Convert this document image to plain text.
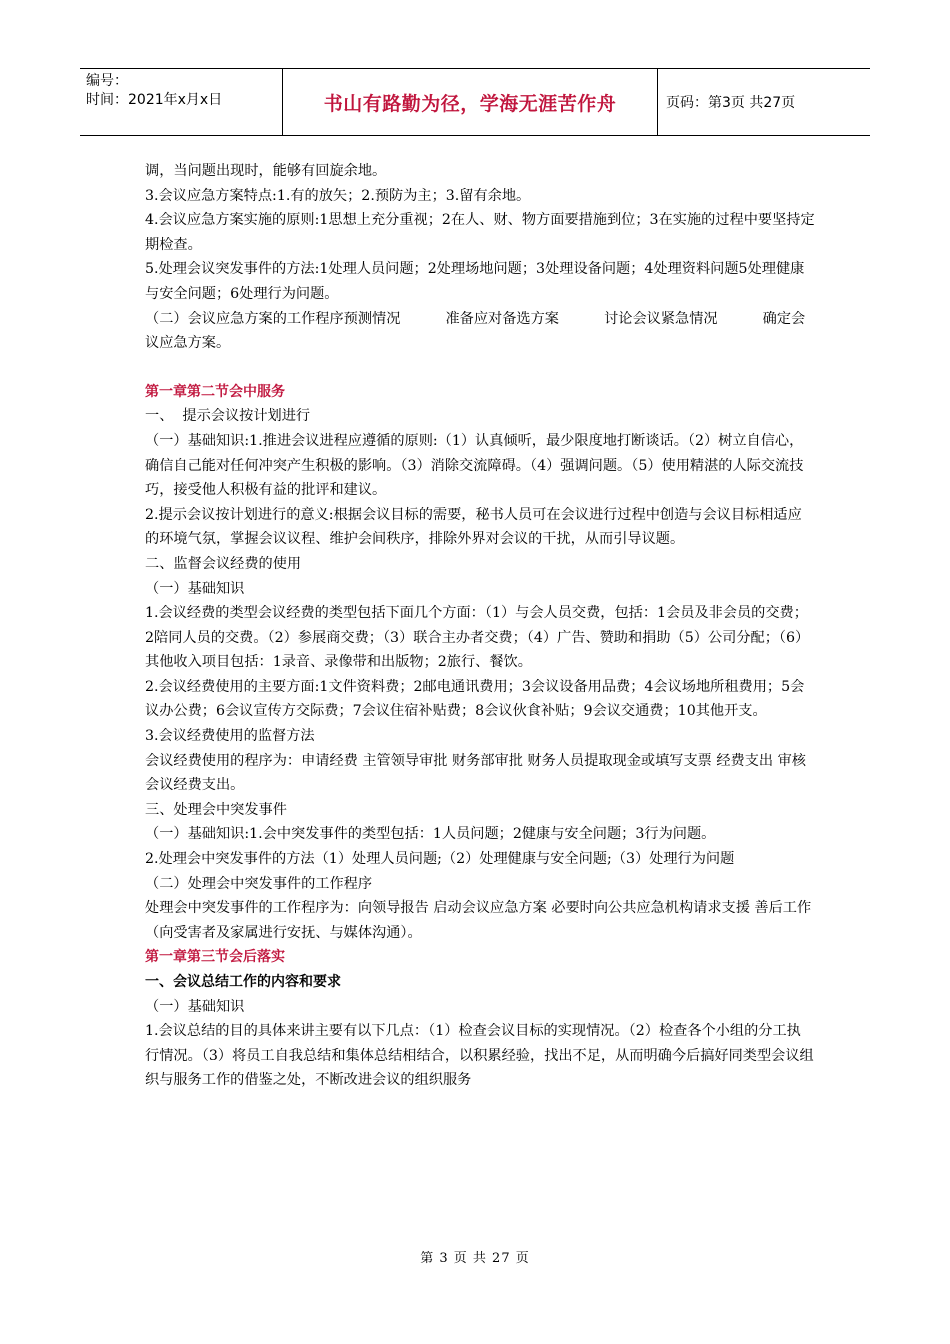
编号：
时间：2021年x月x日	书山有路勤为径，学海无涯苦作舟	页码：第3页 共27页

调，当问题出现时，能够有回旋余地。

3.会议应急方案特点:1.有的放矢；2.预防为主；3.留有余地。

4.会议应急方案实施的原则:1思想上充分重视；2在人、财、物方面要措施到位；3在实施的过程中要坚持定期检查。

5.处理会议突发事件的方法:1处理人员问题；2处理场地问题；3处理设备问题；4处理资料问题5处理健康与安全问题；6处理行为问题。

（二）会议应急方案的工作程序预测情况          准备应对备选方案          讨论会议紧急情况          确定会议应急方案。

第一章第二节会中服务

一、  提示会议按计划进行

（一）基础知识:1.推进会议进程应遵循的原则:（1）认真倾听，最少限度地打断谈话。（2）树立自信心，确信自己能对任何冲突产生积极的影响。（3）消除交流障碍。（4）强调问题。（5）使用精湛的人际交流技巧，接受他人积极有益的批评和建议。

2.提示会议按计划进行的意义:根据会议目标的需要，秘书人员可在会议进行过程中创造与会议目标相适应的环境气氛，掌握会议议程、维护会间秩序，排除外界对会议的干扰，从而引导议题。

二、监督会议经费的使用

（一）基础知识

1.会议经费的类型会议经费的类型包括下面几个方面：（1）与会人员交费，包括：1会员及非会员的交费；2陪同人员的交费。（2）参展商交费；（3）联合主办者交费；（4）广告、赞助和捐助（5）公司分配；（6）其他收入项目包括：1录音、录像带和出版物；2旅行、餐饮。

2.会议经费使用的主要方面:1文件资料费；2邮电通讯费用；3会议设备用品费；4会议场地所租费用；5会议办公费；6会议宣传方交际费；7会议住宿补贴费；8会议伙食补贴；9会议交通费；10其他开支。

3.会议经费使用的监督方法

会议经费使用的程序为：申请经费 主管领导审批 财务部审批 财务人员提取现金或填写支票 经费支出 审核会议经费支出。

三、处理会中突发事件

（一）基础知识:1.会中突发事件的类型包括：1人员问题；2健康与安全问题；3行为问题。

2.处理会中突发事件的方法（1）处理人员问题;（2）处理健康与安全问题;（3）处理行为问题

（二）处理会中突发事件的工作程序

处理会中突发事件的工作程序为：向领导报告 启动会议应急方案 必要时向公共应急机构请求支援 善后工作（向受害者及家属进行安抚、与媒体沟通）。

第一章第三节会后落实

一、会议总结工作的内容和要求

（一）基础知识

1.会议总结的目的具体来讲主要有以下几点：（1）检查会议目标的实现情况。（2）检查各个小组的分工执行情况。（3）将员工自我总结和集体总结相结合，以积累经验，找出不足，从而明确今后搞好同类型会议组织与服务工作的借鉴之处，不断改进会议的组织服务

第 3 页 共 27 页
